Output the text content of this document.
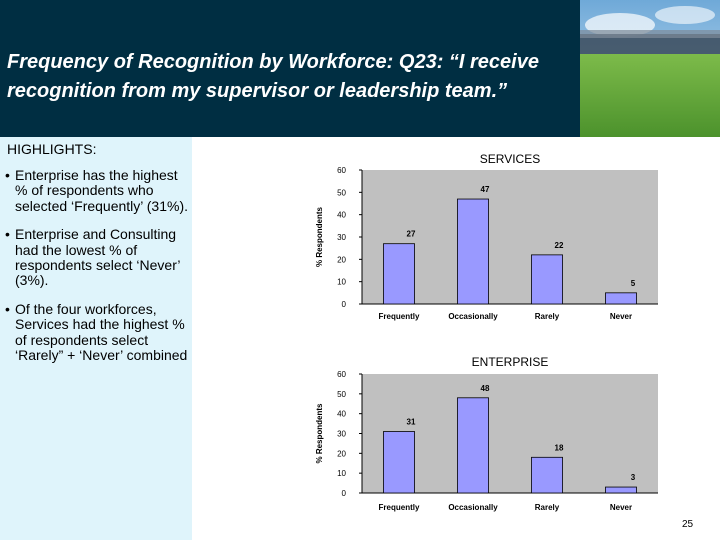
Frequency of Recognition by Workforce: Q23: “I receive recognition from my supervisor or leadership team.”
HIGHLIGHTS:
• Enterprise has the highest % of respondents who selected ‘Frequently’ (31%).
• Enterprise and Consulting had the lowest % of respondents select ‘Never’ (3%).
• Of the four workforces, Services had the highest % of respondents select ‘Rarely” + ‘Never’ combined
SERVICES
0
10
20
30
40
50
60
% Respondents	27
Frequently
47
Occasionally
22
Rarely
5
Never
ENTERPRISE
0
10
20
30
40
50
60
% Respondents	31
Frequently
48
Occasionally
18
Rarely
3
Never
25
